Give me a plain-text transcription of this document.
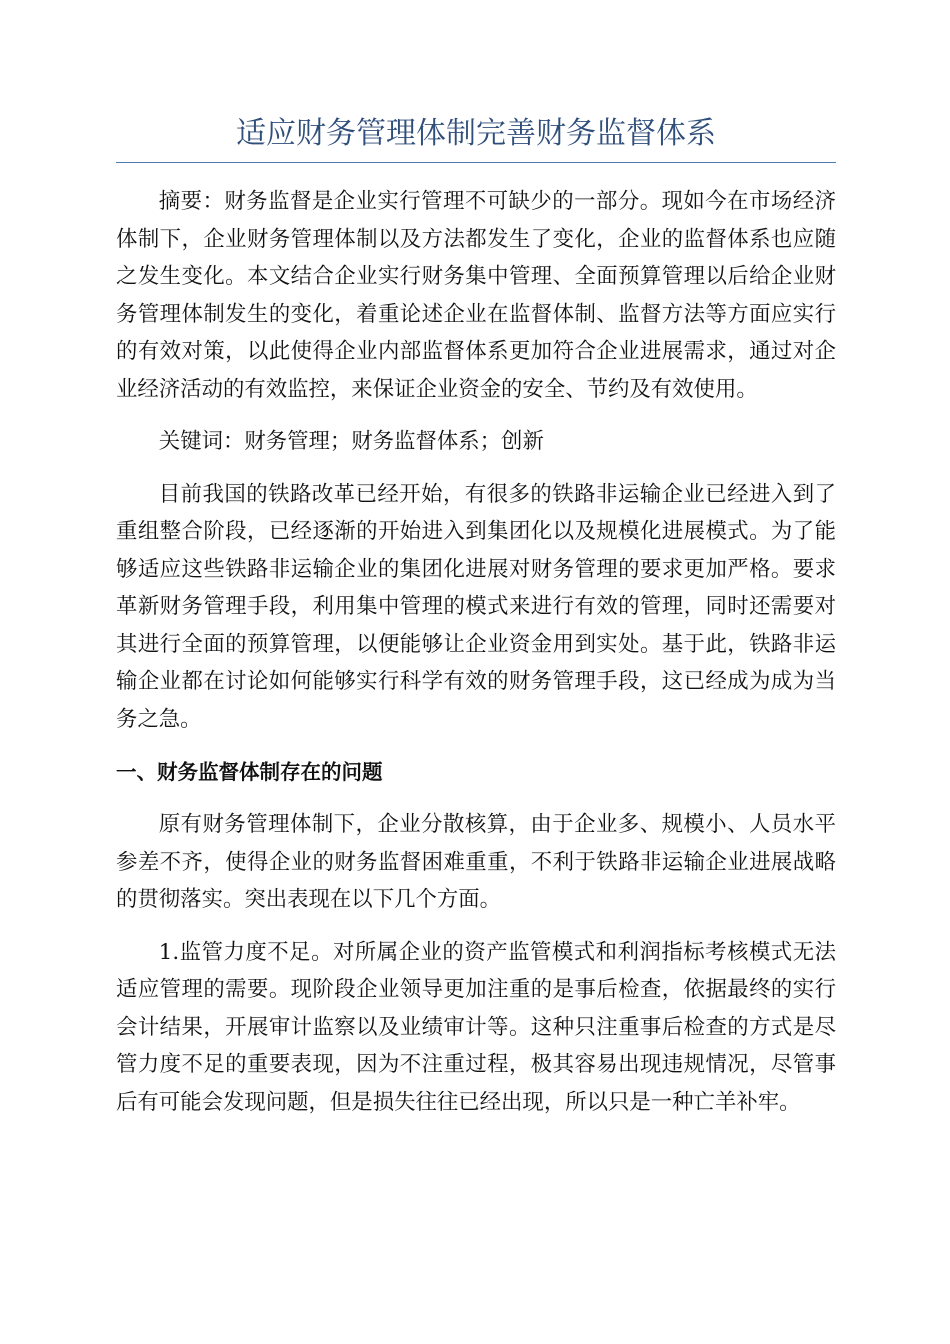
适应财务管理体制完善财务监督体系

摘要：财务监督是企业实行管理不可缺少的一部分。现如今在市场经济体制下，企业财务管理体制以及方法都发生了变化，企业的监督体系也应随之发生变化。本文结合企业实行财务集中管理、全面预算管理以后给企业财务管理体制发生的变化，着重论述企业在监督体制、监督方法等方面应实行的有效对策，以此使得企业内部监督体系更加符合企业进展需求，通过对企业经济活动的有效监控，来保证企业资金的安全、节约及有效使用。

关键词：财务管理；财务监督体系；创新

目前我国的铁路改革已经开始，有很多的铁路非运输企业已经进入到了重组整合阶段，已经逐渐的开始进入到集团化以及规模化进展模式。为了能够适应这些铁路非运输企业的集团化进展对财务管理的要求更加严格。要求革新财务管理手段，利用集中管理的模式来进行有效的管理，同时还需要对其进行全面的预算管理，以便能够让企业资金用到实处。基于此，铁路非运输企业都在讨论如何能够实行科学有效的财务管理手段，这已经成为成为当务之急。

一、财务监督体制存在的问题

原有财务管理体制下，企业分散核算，由于企业多、规模小、人员水平参差不齐，使得企业的财务监督困难重重，不利于铁路非运输企业进展战略的贯彻落实。突出表现在以下几个方面。

1.监管力度不足。对所属企业的资产监管模式和利润指标考核模式无法适应管理的需要。现阶段企业领导更加注重的是事后检查，依据最终的实行会计结果，开展审计监察以及业绩审计等。这种只注重事后检查的方式是尽管力度不足的重要表现，因为不注重过程，极其容易出现违规情况，尽管事后有可能会发现问题，但是损失往往已经出现，所以只是一种亡羊补牢。
